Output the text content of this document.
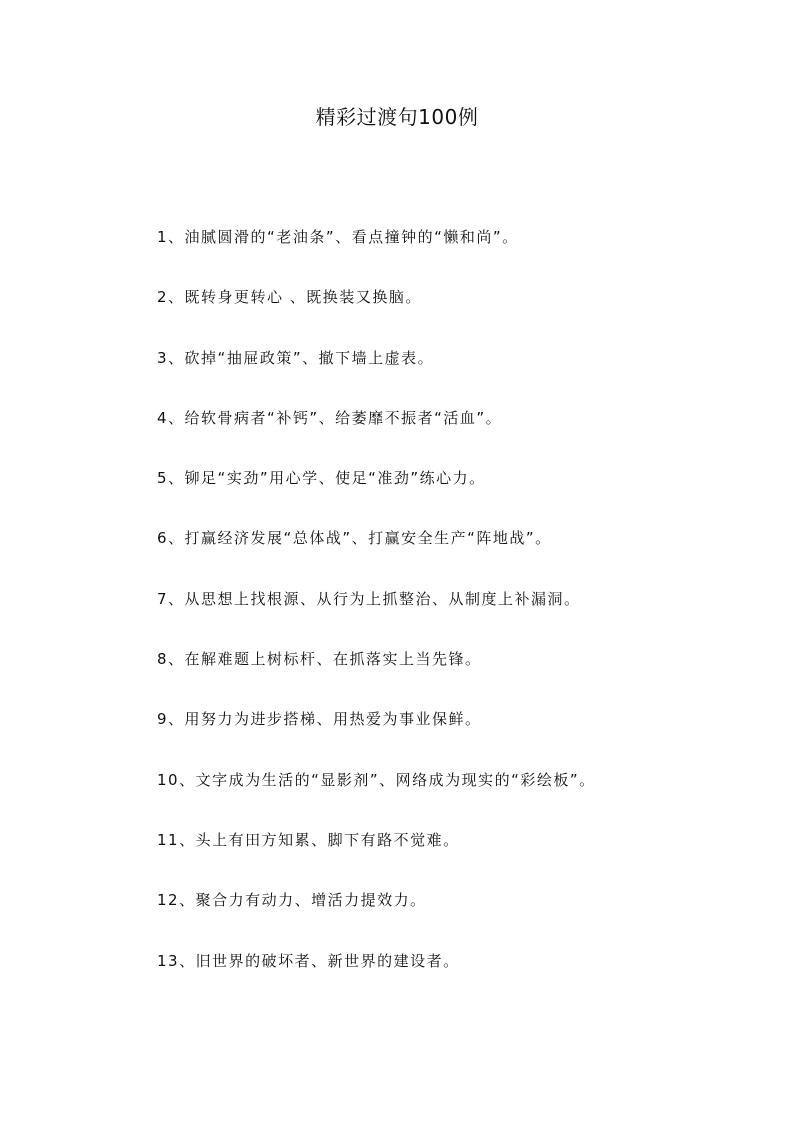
精彩过渡句100例
1、油腻圆滑的“老油条”、看点撞钟的“懒和尚”。
2、既转身更转心 、既换装又换脑。
3、砍掉“抽屉政策”、撤下墙上虚表。
4、给软骨病者“补钙”、给萎靡不振者“活血”。
5、铆足“实劲”用心学、使足“准劲”练心力。
6、打赢经济发展“总体战”、打赢安全生产“阵地战”。
7、从思想上找根源、从行为上抓整治、从制度上补漏洞。
8、在解难题上树标杆、在抓落实上当先锋。
9、用努力为进步搭梯、用热爱为事业保鲜。
10、文字成为生活的“显影剂”、网络成为现实的“彩绘板”。
11、头上有田方知累、脚下有路不觉难。
12、聚合力有动力、增活力提效力。
13、旧世界的破坏者、新世界的建设者。
